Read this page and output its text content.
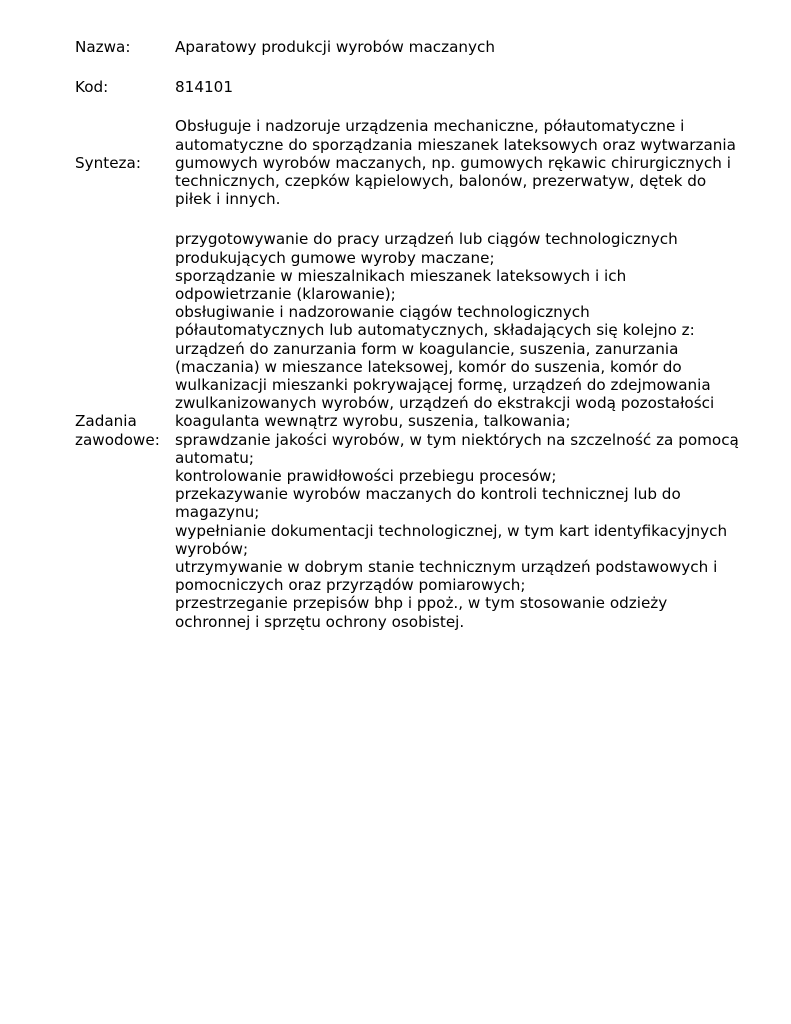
Nazwa:	Aparatowy produkcji wyrobów maczanych
Kod:	814101
Synteza:
Obsługuje i nadzoruje urządzenia mechaniczne, półautomatyczne i
automatyczne do sporządzania mieszanek lateksowych oraz wytwarzania
gumowych wyrobów maczanych, np. gumowych rękawic chirurgicznych i
technicznych, czepków kąpielowych, balonów, prezerwatyw, dętek do
piłek i innych.
Zadania
zawodowe:
przygotowywanie do pracy urządzeń lub ciągów technologicznych
produkujących gumowe wyroby maczane;
sporządzanie w mieszalnikach mieszanek lateksowych i ich
odpowietrzanie (klarowanie);
obsługiwanie i nadzorowanie ciągów technologicznych
półautomatycznych lub automatycznych, składających się kolejno z:
urządzeń do zanurzania form w koagulancie, suszenia, zanurzania
(maczania) w mieszance lateksowej, komór do suszenia, komór do
wulkanizacji mieszanki pokrywającej formę, urządzeń do zdejmowania
zwulkanizowanych wyrobów, urządzeń do ekstrakcji wodą pozostałości
koagulanta wewnątrz wyrobu, suszenia, talkowania;
sprawdzanie jakości wyrobów, w tym niektórych na szczelność za pomocą
automatu;
kontrolowanie prawidłowości przebiegu procesów;
przekazywanie wyrobów maczanych do kontroli technicznej lub do
magazynu;
wypełnianie dokumentacji technologicznej, w tym kart identyfikacyjnych
wyrobów;
utrzymywanie w dobrym stanie technicznym urządzeń podstawowych i
pomocniczych oraz przyrządów pomiarowych;
przestrzeganie przepisów bhp i ppoż., w tym stosowanie odzieży
ochronnej i sprzętu ochrony osobistej.
